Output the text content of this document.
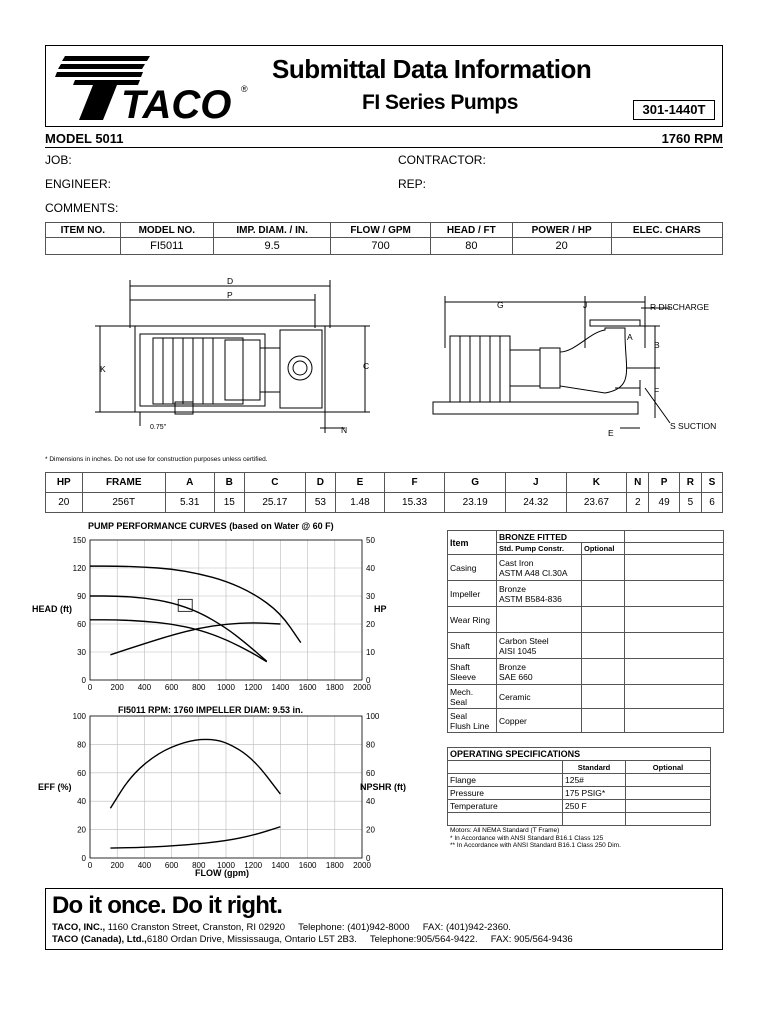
TACO ®
Submittal Data Information
FI Series Pumps	301-1440T
MODEL 5011	1760 RPM
JOB:	CONTRACTOR:
ENGINEER:	REP:
COMMENTS:
ITEM NO.	MODEL NO.	IMP. DIAM. / IN.	FLOW / GPM	HEAD / FT	POWER / HP	ELEC. CHARS
	FI5011	9.5	700	80	20	
D
P
K	C
0.75"	N
G	J	R DISCHARGE
A
B
F
E
S SUCTION
* Dimensions in inches. Do not use for construction purposes unless certified.
HP	FRAME	A	B	C	D	E	F	G	J	K	N	P	R	S
20	256T	5.31	15	25.17	53	1.48	15.33	23.19	24.32	23.67	2	49	5	6
PUMP PERFORMANCE CURVES (based on Water @ 60 F)
150	50
120	40
90	30
60	20
30	10
0	0
0 200 400 600 800 1000 1200 1400 1600 1800 2000
HEAD (ft)	HP
FI5011 RPM: 1760 IMPELLER DIAM: 9.53 in.
100	100
80	80
60	60
40	40
20	20
0	0
0 200 400 600 800 1000 1200 1400 1600 1800 2000
EFF (%)	NPSHR (ft)
FLOW (gpm)
Item	BRONZE FITTED		
	Std. Pump Constr.	Optional	
Casing	Cast Iron
ASTM A48 Cl.30A		
Impeller	Bronze
ASTM B584-836		
Wear Ring			
Shaft	Carbon Steel
AISI 1045		
Shaft
Sleeve	Bronze
SAE 660		
Mech.
Seal	Ceramic		
Seal
Flush Line	Copper		
OPERATING SPECIFICATIONS		
	Standard	Optional
Flange	125#	
Pressure	175 PSIG*	
Temperature	250 F	

Motors: All NEMA Standard (T Frame)
* In Accordance with ANSI Standard B16.1 Class 125
** In Accordance with ANSI Standard B16.1 Class 250 Dim.
Do it once. Do it right.
TACO, INC., 1160 Cranston Street, Cranston, RI 02920     Telephone: (401)942-8000     FAX: (401)942-2360.
TACO (Canada), Ltd.,6180 Ordan Drive, Mississauga, Ontario L5T 2B3.     Telephone:905/564-9422.     FAX: 905/564-9436
